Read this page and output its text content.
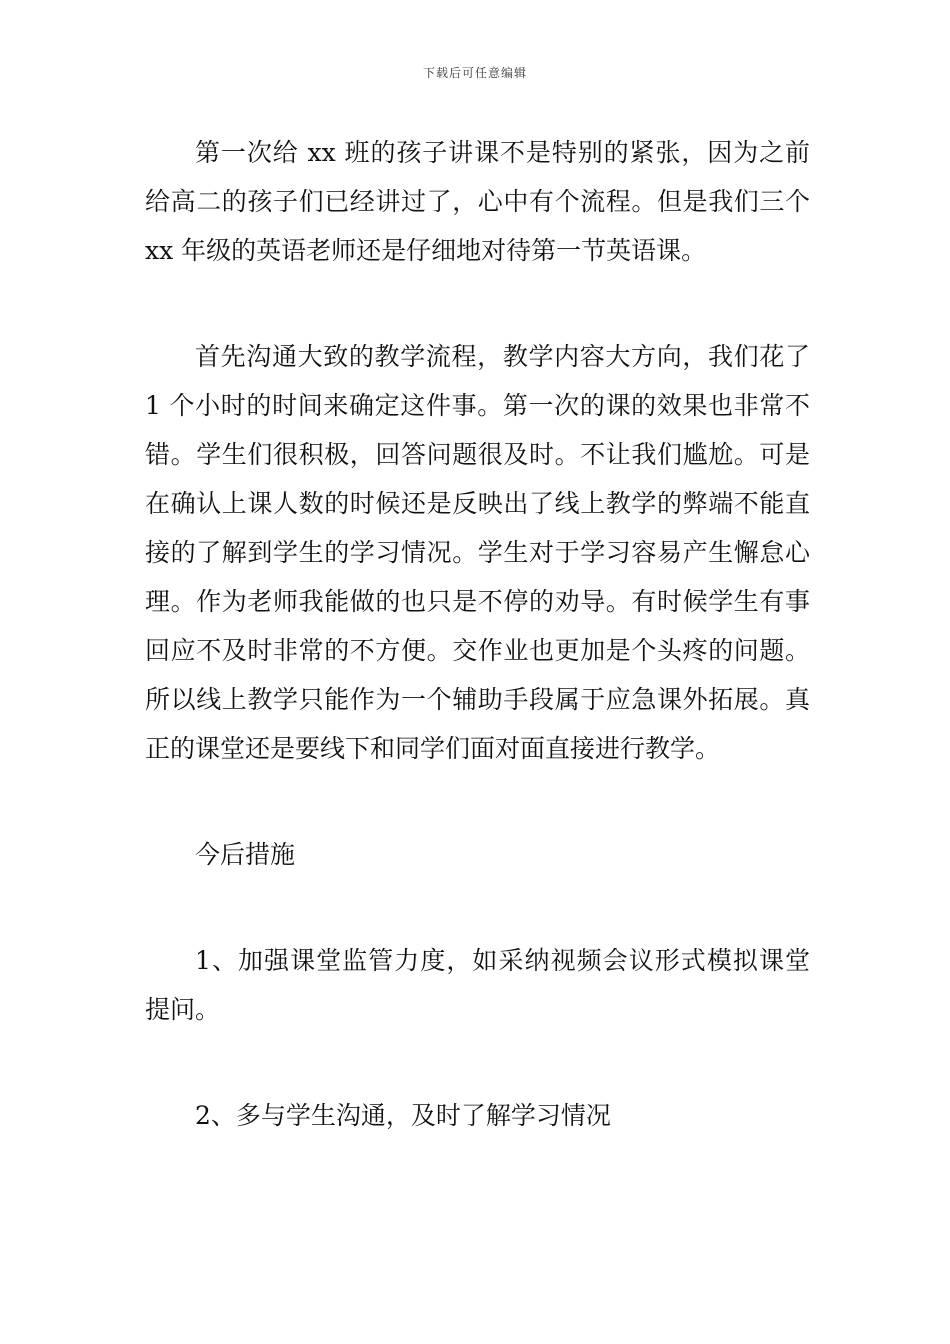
下载后可任意编辑

第一次给 xx 班的孩子讲课不是特别的紧张，因为之前给高二的孩子们已经讲过了，心中有个流程。但是我们三个 xx 年级的英语老师还是仔细地对待第一节英语课。

首先沟通大致的教学流程，教学内容大方向，我们花了 1 个小时的时间来确定这件事。第一次的课的效果也非常不错。学生们很积极，回答问题很及时。不让我们尴尬。可是在确认上课人数的时候还是反映出了线上教学的弊端不能直接的了解到学生的学习情况。学生对于学习容易产生懈怠心理。作为老师我能做的也只是不停的劝导。有时候学生有事回应不及时非常的不方便。交作业也更加是个头疼的问题。所以线上教学只能作为一个辅助手段属于应急课外拓展。真正的课堂还是要线下和同学们面对面直接进行教学。

今后措施

1、加强课堂监管力度，如采纳视频会议形式模拟课堂提问。

2、多与学生沟通，及时了解学习情况
